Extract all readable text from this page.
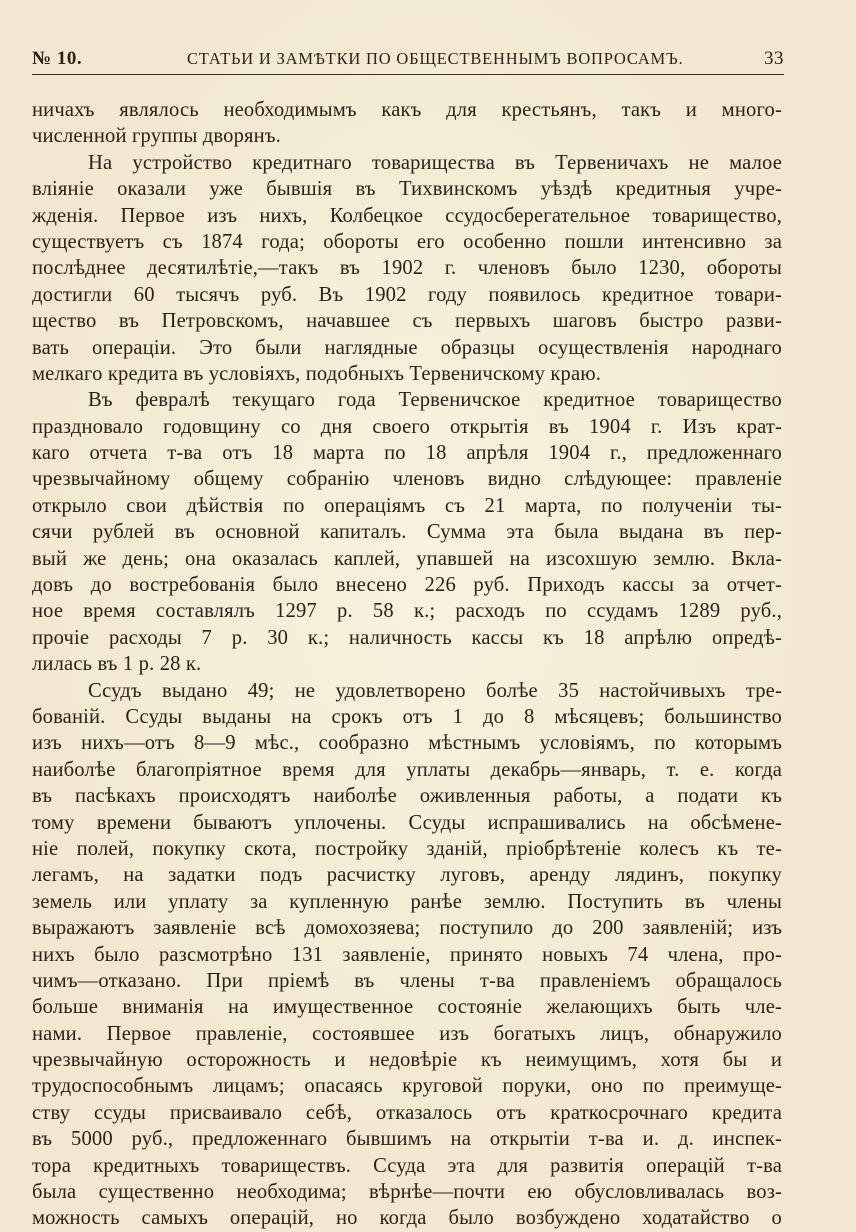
№ 10.	СТАТЬИ И ЗАМѢТКИ ПО ОБЩЕСТВЕННЫМЪ ВОПРОСАМЪ.	33
ничахъ являлось необходимымъ какъ для крестьянъ, такъ и много-
численной группы дворянъ.
На устройство кредитнаго товарищества въ Тервеничахъ не малое
вліяніе оказали уже бывшія въ Тихвинскомъ уѣздѣ кредитныя учре-
жденія. Первое изъ нихъ, Колбецкое ссудосберегательное товарищество,
существуетъ съ 1874 года; обороты его особенно пошли интенсивно за
послѣднее десятилѣтіе,—такъ въ 1902 г. членовъ было 1230, обороты
достигли 60 тысячъ руб. Въ 1902 году появилось кредитное товари-
щество въ Петровскомъ, начавшее съ первыхъ шаговъ быстро разви-
вать операціи. Это были наглядные образцы осуществленія народнаго
мелкаго кредита въ условіяхъ, подобныхъ Тервеничскому краю.
Въ февралѣ текущаго года Тервеничское кредитное товарищество
праздновало годовщину со дня своего открытія въ 1904 г. Изъ крат-
каго отчета т-ва отъ 18 марта по 18 апрѣля 1904 г., предложеннаго
чрезвычайному общему собранію членовъ видно слѣдующее: правленіе
открыло свои дѣйствія по операціямъ съ 21 марта, по полученіи ты-
сячи рублей въ основной капиталъ. Сумма эта была выдана въ пер-
вый же день; она оказалась каплей, упавшей на изсохшую землю. Вкла-
довъ до востребованія было внесено 226 руб. Приходъ кассы за отчет-
ное время составлялъ 1297 р. 58 к.; расходъ по ссудамъ 1289 руб.,
прочіе расходы 7 р. 30 к.; наличность кассы къ 18 апрѣлю опредѣ-
лилась въ 1 р. 28 к.
Ссудъ выдано 49; не удовлетворено болѣе 35 настойчивыхъ тре-
бованій. Ссуды выданы на срокъ отъ 1 до 8 мѣсяцевъ; большинство
изъ нихъ—отъ 8—9 мѣс., сообразно мѣстнымъ условіямъ, по которымъ
наиболѣе благопріятное время для уплаты декабрь—январь, т. е. когда
въ пасѣкахъ происходятъ наиболѣе оживленныя работы, а подати къ
тому времени бываютъ уплочены. Ссуды испрашивались на обсѣмене-
ніе полей, покупку скота, постройку зданій, пріобрѣтеніе колесъ къ те-
легамъ, на задатки подъ расчистку луговъ, аренду лядинъ, покупку
земель или уплату за купленную ранѣе землю. Поступить въ члены
выражаютъ заявленіе всѣ домохозяева; поступило до 200 заявленій; изъ
нихъ было разсмотрѣно 131 заявленіе, принято новыхъ 74 члена, про-
чимъ—отказано. При пріемѣ въ члены т-ва правленіемъ обращалось
больше вниманія на имущественное состояніе желающихъ быть чле-
нами. Первое правленіе, состоявшее изъ богатыхъ лицъ, обнаружило
чрезвычайную осторожность и недовѣріе къ неимущимъ, хотя бы и
трудоспособнымъ лицамъ; опасаясь круговой поруки, оно по преимуще-
ству ссуды присваивало себѣ, отказалось отъ краткосрочнаго кредита
въ 5000 руб., предложеннаго бывшимъ на открытіи т-ва и. д. инспек-
тора кредитныхъ товариществъ. Ссуда эта для развитія операцій т-ва
была существенно необходима; вѣрнѣе—почти ею обусловливалась воз-
можность самыхъ операцій, но когда было возбуждено ходатайство о
